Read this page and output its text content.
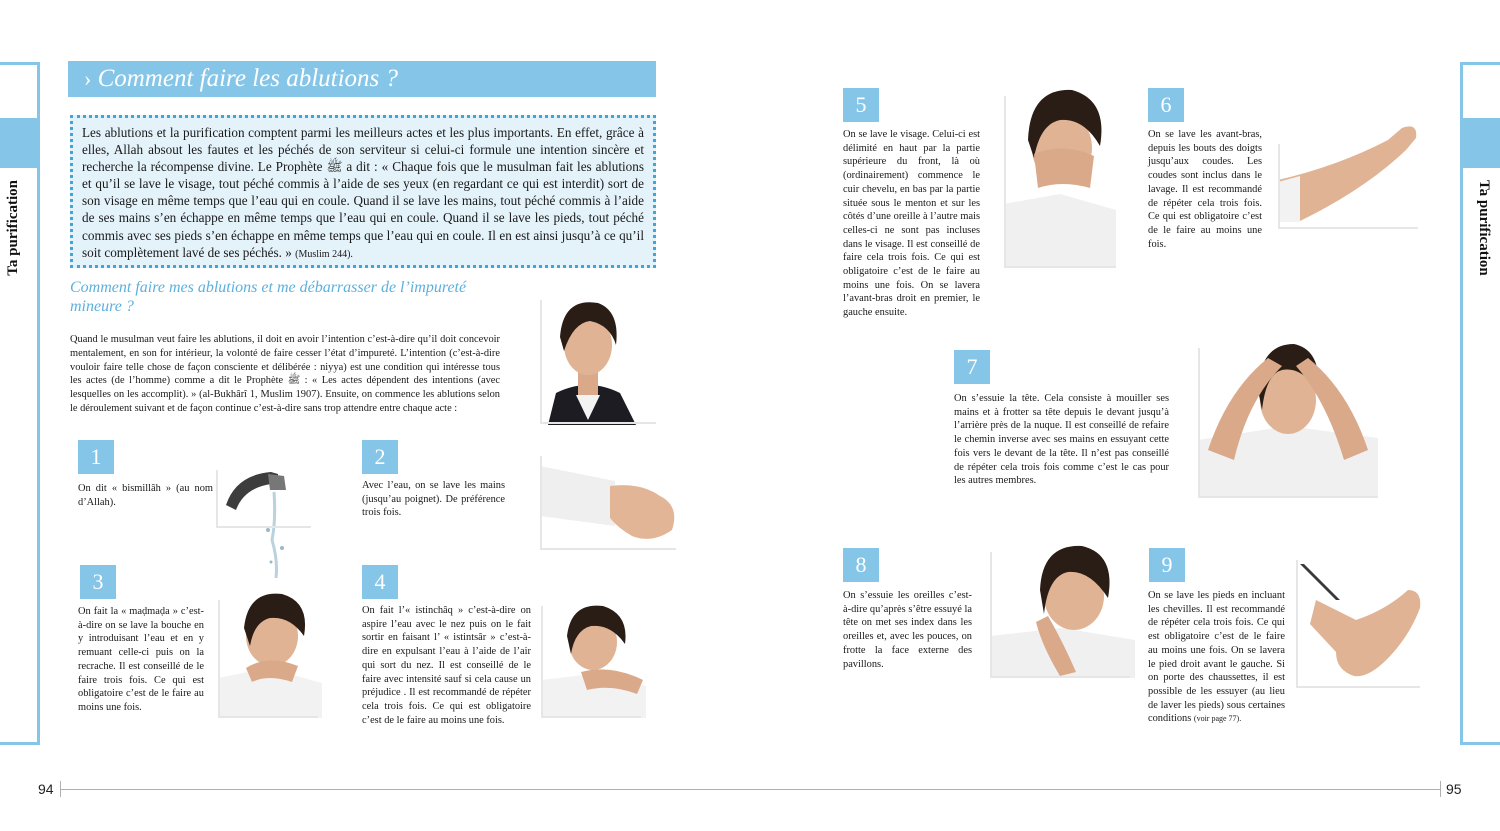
Ta purification	Ta purification
› Comment faire les ablutions ?
Les ablutions et la purification comptent parmi les meilleurs actes et les plus importants. En effet, grâce à elles, Allah absout les fautes et les péchés de son serviteur si celui-ci formule une intention sincère et recherche la récompense divine. Le Prophète ﷺ a dit : « Chaque fois que le musulman fait les ablutions et qu’il se lave le visage, tout péché commis à l’aide de ses yeux (en regardant ce qui est interdit) sort de son visage en même temps que l’eau qui en coule. Quand il se lave les mains, tout péché commis à l’aide de ses mains s’en échappe en même temps que l’eau qui en coule. Quand il se lave les pieds, tout péché commis avec ses pieds s’en échappe en même temps que l’eau qui en coule. Il en est ainsi jusqu’à ce qu’il soit complètement lavé de ses péchés. » (Muslim 244).
Comment faire mes ablutions et me débarrasser de l’impureté mineure ?
Quand le musulman veut faire les ablutions, il doit en avoir l’intention c’est-à-dire qu’il doit concevoir mentalement, en son for intérieur, la volonté de faire cesser l’état d’impureté. L’intention (c’est-à-dire vouloir faire telle chose de façon consciente et délibérée : nіyya) est une condition qui intéresse tous les actes (de l’homme) comme a dit le Prophète ﷺ : « Les actes dépendent des intentions (avec lesquelles on les accomplit). » (al-Bukhârî 1, Muslim 1907). Ensuite, on commence les ablutions selon le déroulement suivant et de façon continue c’est-à-dire sans trop attendre entre chaque acte :
1
On dit « bismillâh » (au nom d’Allah).
2
Avec l’eau, on se lave les mains (jusqu’au poignet). De préférence trois fois.
3
On fait la « maḍmaḍa » c’est-à-dire on se lave la bouche en y introduisant l’eau et en y remuant celle-ci puis on la recrache. Il est conseillé de le faire trois fois. Ce qui est obligatoire c’est de le faire au moins une fois.
4
On fait l’« istinchâq » c’est-à-dire on aspire l’eau avec le nez puis on le fait sortir en faisant l’ « istintsâr » c’est-à-dire en expulsant l’eau à l’aide de l’air qui sort du nez. Il est conseillé de le faire avec intensité sauf si cela cause un préjudice . Il est recommandé de répéter cela trois fois. Ce qui est obligatoire c’est de le faire au moins une fois.
5
On se lave le visage. Celui-ci est délimité en haut par la partie supérieure du front, là où (ordinairement) commence le cuir chevelu, en bas par la partie située sous le menton et sur les côtés d’une oreille à l’autre mais celles-ci ne sont pas incluses dans le visage. Il est conseillé de faire cela trois fois. Ce qui est obligatoire c’est de le faire au moins une fois. On se lavera l’avant-bras droit en premier, le gauche ensuite.
6
On se lave les avant-bras, depuis les bouts des doigts jusqu’aux coudes. Les coudes sont inclus dans le lavage. Il est recommandé de répéter cela trois fois. Ce qui est obligatoire c’est de le faire au moins une fois.
7
On s’essuie la tête. Cela consiste à mouiller ses mains et à frotter sa tête depuis le devant jusqu’à l’arrière près de la nuque. Il est conseillé de refaire le chemin inverse avec ses mains en essuyant cette fois vers le devant de la tête. Il n’est pas conseillé de répéter cela trois fois comme c’est le cas pour les autres membres.
8
On s’essuie les oreilles c’est-à-dire qu’après s’être essuyé la tête on met ses index dans les oreilles et, avec les pouces, on frotte la face externe des pavillons.
9
On se lave les pieds en incluant les chevilles. Il est recommandé de répéter cela trois fois. Ce qui est obligatoire c’est de le faire au moins une fois. On se lavera le pied droit avant le gauche. Si on porte des chaussettes, il est possible de les essuyer (au lieu de laver les pieds) sous certaines conditions (voir page 77).
94	95
